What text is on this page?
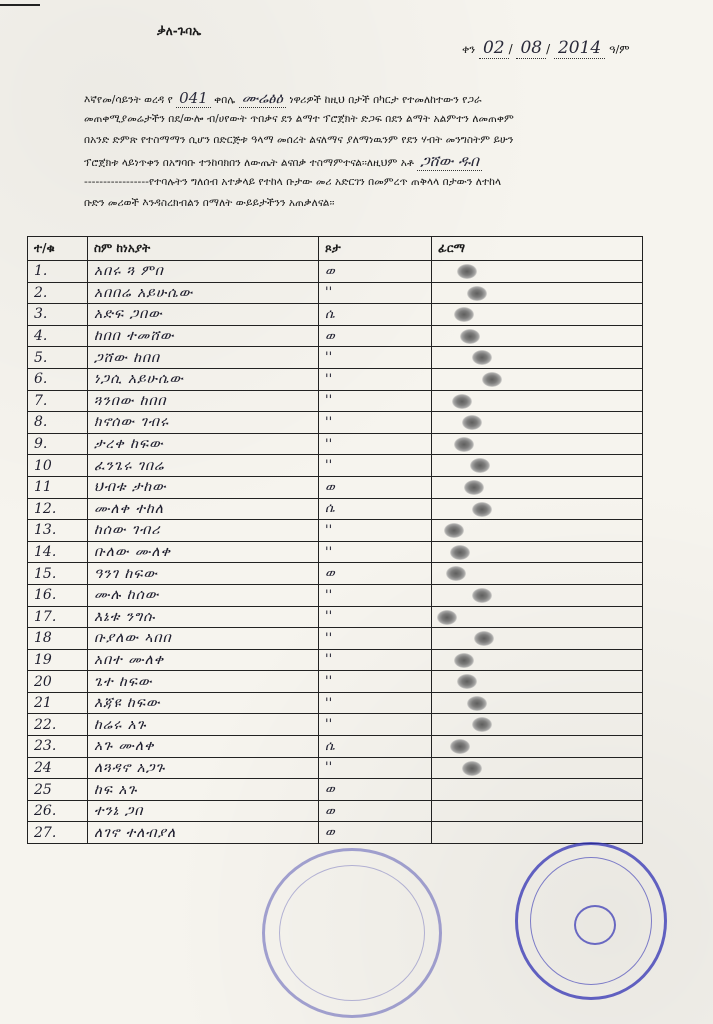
ቃለ-ጉባኤ
ቀን 02 / 08 / 2014 ዓ/ም
እኛየመ/ሳይንት ወረዳ የ 041 ቀበሌ ሙሬፅዕ ነዋሪዎች ከዚህ በታች በካርታ የተመለከተውን የጋራ
መጠቀሚያመሬታችን በደ/ውሎ ብ/ሀየውት ጥበቃና ደን ልማተ ፕሮጀክት ድጋፍ በደን ልማት አልምተን ለመጠቀም
በአንድ ድምጽ የተስማማን ሲሆን በድርጅቱ ዓላማ መሰረት ልናለማና ያለማነዉንም የደን ሃብት መንግስትም ይሁን
ፕሮጀክቱ ላይነጥቀን በአግባቡ ተንከባክበን ለውጤት ልናበቃ ተስማምተናል፡፡ለዚህም አቶ ጋሸው ዱበ
-----------------የተባሉትን ግለሰብ አተቃላይ የተከላ ቡታው መሪ አድርገን በመምረጥ ጠቅላላ በታውን ለተከላ
ቡድን መሪወች እንዳስረክብልን በማለት ውይይታችንን አጠቃለናል፡፡
ተ/ቁ	ስም ከነአያት	ጾታ	ፊርማ
1.	አበሩ ጓ ምበ	ወ	

2.	አበበሬ አይሁሴው	''	

3.	አድፍ ጋበው	ሴ	

4.	ከበበ ተመሸው	ወ	

5.	ጋሸው ከበበ	''	

6.	ነጋሲ አይሁሴው	''	

7.	ጓንበው ከበበ	''	

8.	ክኖሰው ገብሩ	''	

9.	ታረቀ ከፍው	''	

10	ፈንጌሩ ገበሬ	''	

11	ህብቱ ታከው	ወ	

12.	ሙለቀ ተከለ	ሴ	

13.	ከሰው ገብሪ	''	

14.	ቡለው ሙለቀ	''	

15.	ዓንገ ከፍው	ወ	

16.	ሙሉ ከሰው	''	

17.	እኔቱ ንግሱ	''	

18	ቡያለው ኣበበ	''	

19	አበተ ሙለቀ	''	

20	ጌተ ከፍው	''	

21	እጃዩ ከፍው	''	

22.	ከሬሩ አጉ	''	

23.	አጉ ሙለቀ	ሴ	

24	ለጓዳኖ አጋጉ	''	

25	ከፍ አጉ	ወ	
26.	ተንኔ ጋበ	ወ	
27.	ለገኖ ተለብያለ	ወ	
